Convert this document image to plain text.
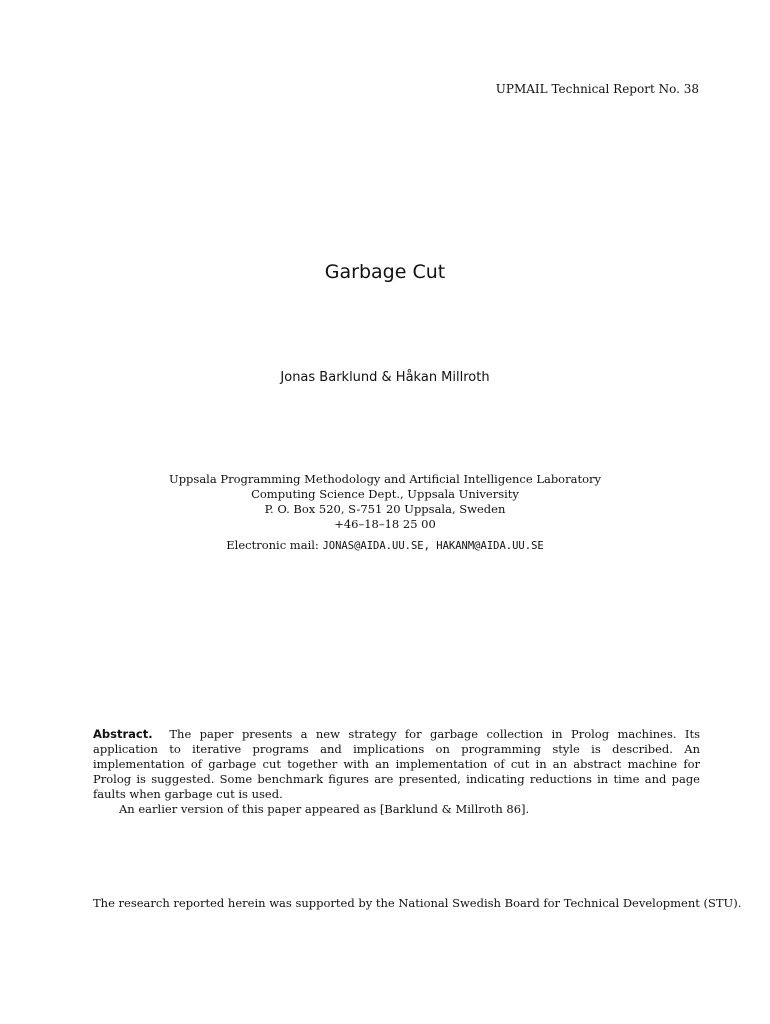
UPMAIL Technical Report No. 38
Garbage Cut
Jonas Barklund & Håkan Millroth
Uppsala Programming Methodology and Artificial Intelligence Laboratory
Computing Science Dept., Uppsala University
P. O. Box 520, S-751 20 Uppsala, Sweden
+46–18–18 25 00
Electronic mail: JONAS@AIDA.UU.SE, HAKANM@AIDA.UU.SE

Abstract. The paper presents a new strategy for garbage collection in Prolog machines. Its application to iterative programs and implications on programming style is described. An implementation of garbage cut together with an implementation of cut in an abstract machine for Prolog is suggested. Some benchmark figures are presented, indicating reductions in time and page faults when garbage cut is used.

An earlier version of this paper appeared as [Barklund & Millroth 86].

The research reported herein was supported by the National Swedish Board for Technical Development (STU).
